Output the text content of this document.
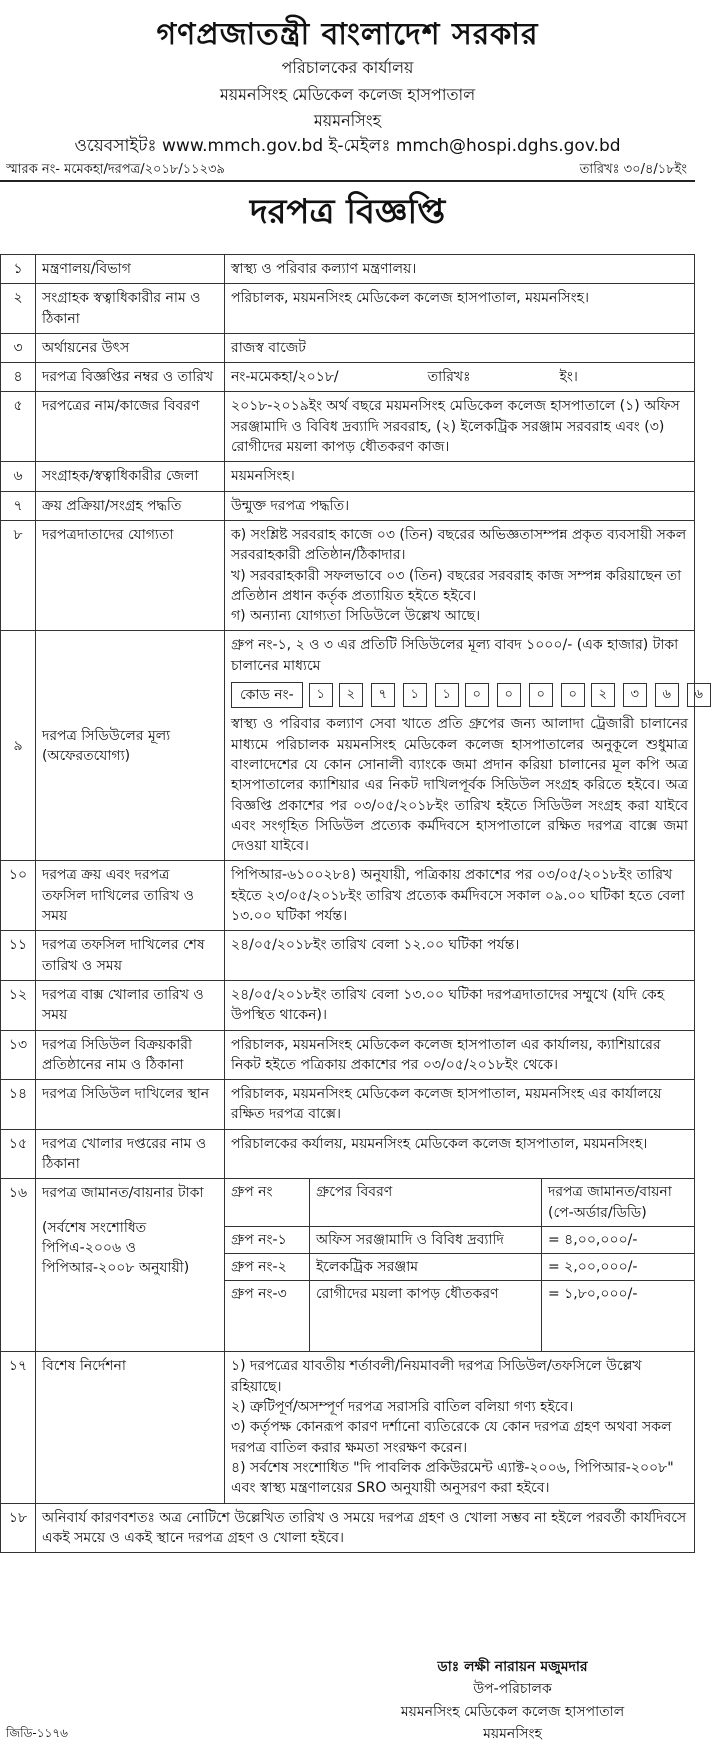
গণপ্রজাতন্ত্রী বাংলাদেশ সরকার
পরিচালকের কার্যালয়
ময়মনসিংহ মেডিকেল কলেজ হাসপাতাল
ময়মনসিংহ
ওয়েবসাইটঃ www.mmch.gov.bd ই-মেইলঃ mmch@hospi.dghs.gov.bd
স্মারক নং- মমেকহা/দরপত্র/২০১৮/১১২৩৯	তারিখঃ ৩০/৪/১৮ইং
দরপত্র বিজ্ঞপ্তি
১	মন্ত্রণালয়/বিভাগ	স্বাস্থ্য ও পরিবার কল্যাণ মন্ত্রণালয়।
২	সংগ্রাহক স্বত্বাধিকারীর নাম ও ঠিকানা	পরিচালক, ময়মনসিংহ মেডিকেল কলেজ হাসপাতাল, ময়মনসিংহ।
৩	অর্থায়নের উৎস	রাজস্ব বাজেট
৪	দরপত্র বিজ্ঞপ্তির নম্বর ও তারিখ	নং-মমেকহা/২০১৮/                    তারিখঃ                    ইং।
৫	দরপত্রের নাম/কাজের বিবরণ	২০১৮-২০১৯ইং অর্থ বছরে ময়মনসিংহ মেডিকেল কলেজ হাসপাতালে (১) অফিস সরঞ্জামাদি ও বিবিধ দ্রব্যাদি সরবরাহ, (২) ইলেকট্রিক সরঞ্জাম সরবরাহ এবং (৩) রোগীদের ময়লা কাপড় ধৌতকরণ কাজ।
৬	সংগ্রাহক/স্বত্বাধিকারীর জেলা	ময়মনসিংহ।
৭	ক্রয় প্রক্রিয়া/সংগ্রহ পদ্ধতি	উন্মুক্ত দরপত্র পদ্ধতি।
৮	দরপত্রদাতাদের যোগ্যতা	ক) সংশ্লিষ্ট সরবরাহ কাজে ০৩ (তিন) বছরের অভিজ্ঞতাসম্পন্ন প্রকৃত ব্যবসায়ী সকল সরবরাহকারী প্রতিষ্ঠান/ঠিকাদার।

খ) সরবরাহকারী সফলভাবে ০৩ (তিন) বছরের সরবরাহ কাজ সম্পন্ন করিয়াছেন তা প্রতিষ্ঠান প্রধান কর্তৃক প্রত্যায়িত হইতে হইবে।

গ) অন্যান্য যোগ্যতা সিডিউলে উল্লেখ আছে।

৯	দরপত্র সিডিউলের মূল্য (অফেরতযোগ্য)	

গ্রুপ নং-১, ২ ও ৩ এর প্রতিটি সিডিউলের মূল্য বাবদ ১০০০/- (এক হাজার) টাকা চালানের মাধ্যমে

কোড নং-	১	২	৭	১	১	০	০	০	০	২	৩	৬	৬

স্বাস্থ্য ও পরিবার কল্যাণ সেবা খাতে প্রতি গ্রুপের জন্য আলাদা ট্রেজারী চালানের মাধ্যমে পরিচালক ময়মনসিংহ মেডিকেল কলেজ হাসপাতালের অনুকূলে শুধুমাত্র বাংলাদেশের যে কোন সোনালী ব্যাংকে জমা প্রদান করিয়া চালানের মূল কপি অত্র হাসপাতালের ক্যাশিয়ার এর নিকট দাখিলপূর্বক সিডিউল সংগ্রহ করিতে হইবে। অত্র বিজ্ঞপ্তি প্রকাশের পর ০৩/০৫/২০১৮ইং তারিখ হইতে সিডিউল সংগ্রহ করা যাইবে এবং সংগৃহিত সিডিউল প্রত্যেক কর্মদিবসে হাসপাতালে রক্ষিত দরপত্র বাক্সে জমা দেওয়া যাইবে।

১০	দরপত্র ক্রয় এবং দরপত্র তফসিল দাখিলের তারিখ ও সময়	পিপিআর-৬১০০২৮৪) অনুযায়ী, পত্রিকায় প্রকাশের পর ০৩/০৫/২০১৮ইং তারিখ হইতে ২৩/০৫/২০১৮ইং তারিখ প্রত্যেক কর্মদিবসে সকাল ০৯.০০ ঘটিকা হতে বেলা ১৩.০০ ঘটিকা পর্যন্ত।
১১	দরপত্র তফসিল দাখিলের শেষ তারিখ ও সময়	২৪/০৫/২০১৮ইং তারিখ বেলা ১২.০০ ঘটিকা পর্যন্ত।
১২	দরপত্র বাক্স খোলার তারিখ ও সময়	২৪/০৫/২০১৮ইং তারিখ বেলা ১৩.০০ ঘটিকা দরপত্রদাতাদের সম্মুখে (যদি কেহ উপস্থিত থাকেন)।
১৩	দরপত্র সিডিউল বিক্রয়কারী প্রতিষ্ঠানের নাম ও ঠিকানা	পরিচালক, ময়মনসিংহ মেডিকেল কলেজ হাসপাতাল এর কার্যালয়, ক্যাশিয়ারের নিকট হইতে পত্রিকায় প্রকাশের পর ০৩/০৫/২০১৮ইং থেকে।
১৪	দরপত্র সিডিউল দাখিলের স্থান	পরিচালক, ময়মনসিংহ মেডিকেল কলেজ হাসপাতাল, ময়মনসিংহ এর কার্যালয়ে রক্ষিত দরপত্র বাক্সে।
১৫	দরপত্র খোলার দপ্তরের নাম ও ঠিকানা	পরিচালকের কর্যালয়, ময়মনসিংহ মেডিকেল কলেজ হাসপাতাল, ময়মনসিংহ।
১৬	দরপত্র জামানত/বায়নার টাকা
(সর্বশেষ সংশোধিত পিপিএ-২০০৬ ও পিপিআর-২০০৮ অনুযায়ী)

গ্রুপ নং	গ্রুপের বিবরণ	দরপত্র জামানত/বায়না (পে-অর্ডার/ডিডি)
গ্রুপ নং-১	অফিস সরঞ্জামাদি ও বিবিধ দ্রব্যাদি	= ৪,০০,০০০/-
গ্রুপ নং-২	ইলেকট্রিক সরঞ্জাম	= ২,০০,০০০/-
গ্রুপ নং-৩	রোগীদের ময়লা কাপড় ধৌতকরণ	= ১,৮০,০০০/-

১৭	বিশেষ নির্দেশনা	১) দরপত্রের যাবতীয় শর্তাবলী/নিয়মাবলী দরপত্র সিডিউল/তফসিলে উল্লেখ রহিয়াছে।

২) ত্রুটিপূর্ণ/অসম্পূর্ণ দরপত্র সরাসরি বাতিল বলিয়া গণ্য হইবে।

৩) কর্তৃপক্ষ কোনরূপ কারণ দর্শানো ব্যতিরেকে যে কোন দরপত্র গ্রহণ অথবা সকল দরপত্র বাতিল করার ক্ষমতা সংরক্ষণ করেন।

৪) সর্বশেষ সংশোধিত "দি পাবলিক প্রকিউরমেন্ট এ্যাক্ট-২০০৬, পিপিআর-২০০৮" এবং স্বাস্থ্য মন্ত্রণালয়ের SRO অনুযায়ী অনুসরণ করা হইবে।

১৮	অনিবার্য কারণবশতঃ অত্র নোটিশে উল্লেখিত তারিখ ও সময়ে দরপত্র গ্রহণ ও খোলা সম্ভব না হইলে পরবর্তী কার্যদিবসে একই সময়ে ও একই স্থানে দরপত্র গ্রহণ ও খোলা হইবে।
ডাঃ লক্ষী নারায়ন মজুমদার
উপ-পরিচালক
ময়মনসিংহ মেডিকেল কলেজ হাসপাতাল
ময়মনসিংহ
জিডি-১১৭৬
